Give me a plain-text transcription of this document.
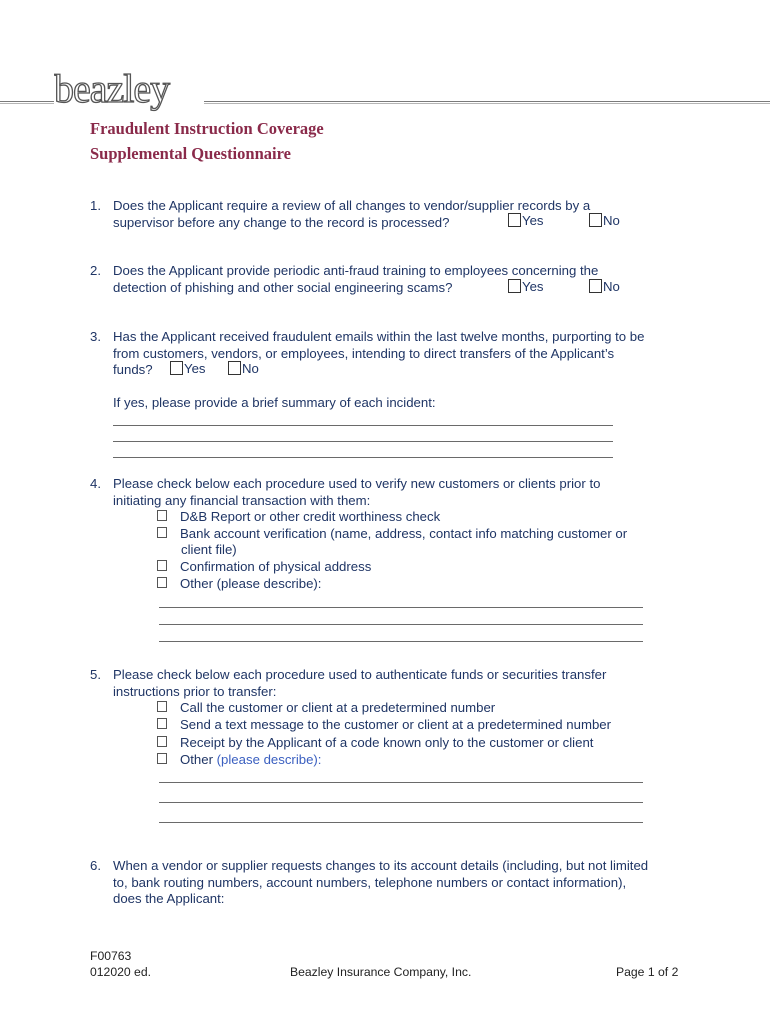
beazley
Fraudulent Instruction Coverage
Supplemental Questionnaire
1. Does the Applicant require a review of all changes to vendor/supplier records by a
supervisor before any change to the record is processed?	Yes	No
2. Does the Applicant provide periodic anti-fraud training to employees concerning the
detection of phishing and other social engineering scams?	Yes	No
3. Has the Applicant received fraudulent emails within the last twelve months, purporting to be
from customers, vendors, or employees, intending to direct transfers of the Applicant’s
funds?	Yes	No
If yes, please provide a brief summary of each incident:
4. Please check below each procedure used to verify new customers or clients prior to
initiating any financial transaction with them:
D&B Report or other credit worthiness check
Bank account verification (name, address, contact info matching customer or
client file)
Confirmation of physical address
Other (please describe):
5. Please check below each procedure used to authenticate funds or securities transfer
instructions prior to transfer:
Call the customer or client at a predetermined number
Send a text message to the customer or client at a predetermined number
Receipt by the Applicant of a code known only to the customer or client
Other (please describe):
6. When a vendor or supplier requests changes to its account details (including, but not limited
to, bank routing numbers, account numbers, telephone numbers or contact information),
does the Applicant:
F00763
012020 ed.	Beazley Insurance Company, Inc.	Page 1 of 2
